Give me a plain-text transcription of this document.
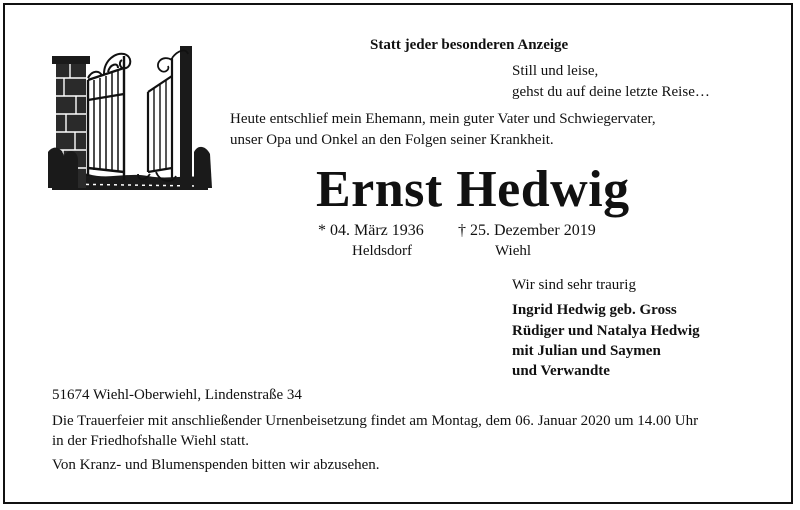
Statt jeder besonderen Anzeige
Still und leise,
gehst du auf deine letzte Reise…
Heute entschlief mein Ehemann, mein guter Vater und Schwiegervater,
unser Opa und Onkel an den Folgen seiner Krankheit.
Ernst Hedwig
* 04. März 1936
Heldsdorf
† 25. Dezember 2019
Wiehl
Wir sind sehr traurig
Ingrid Hedwig geb. Gross
Rüdiger und Natalya Hedwig
mit Julian und Saymen
und Verwandte
51674 Wiehl-Oberwiehl, Lindenstraße 34
Die Trauerfeier mit anschließender Urnenbeisetzung findet am Montag, dem 06. Januar 2020 um 14.00 Uhr
in der Friedhofshalle Wiehl statt.
Von Kranz- und Blumenspenden bitten wir abzusehen.
